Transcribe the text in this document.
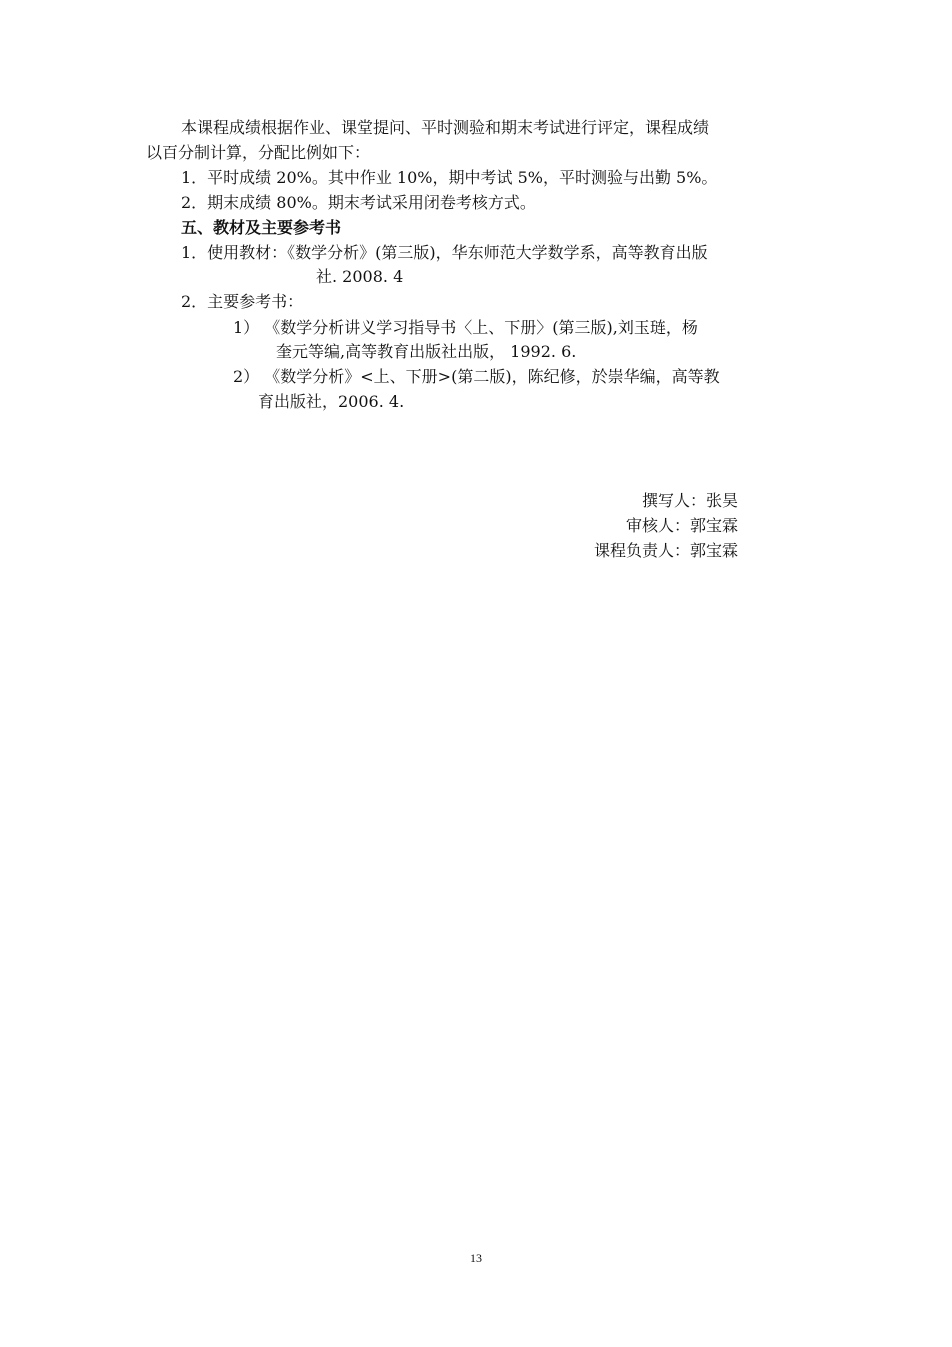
本课程成绩根据作业、课堂提问、平时测验和期末考试进行评定，课程成绩
以百分制计算，分配比例如下：
1．平时成绩 20%。其中作业 10%，期中考试 5%，平时测验与出勤 5%。
2．期末成绩 80%。期末考试采用闭卷考核方式。
五、教材及主要参考书
1．使用教材：《数学分析》(第三版)，华东师范大学数学系，高等教育出版
社. 2008. 4
2．主要参考书：
1） 《数学分析讲义学习指导书〈上、下册〉(第三版),刘玉琏，杨
奎元等编,高等教育出版社出版， 1992. 6.
2） 《数学分析》<上、下册>(第二版)，陈纪修，於崇华编，高等教
育出版社，2006. 4.
撰写人：张昊
审核人：郭宝霖
课程负责人：郭宝霖
13
